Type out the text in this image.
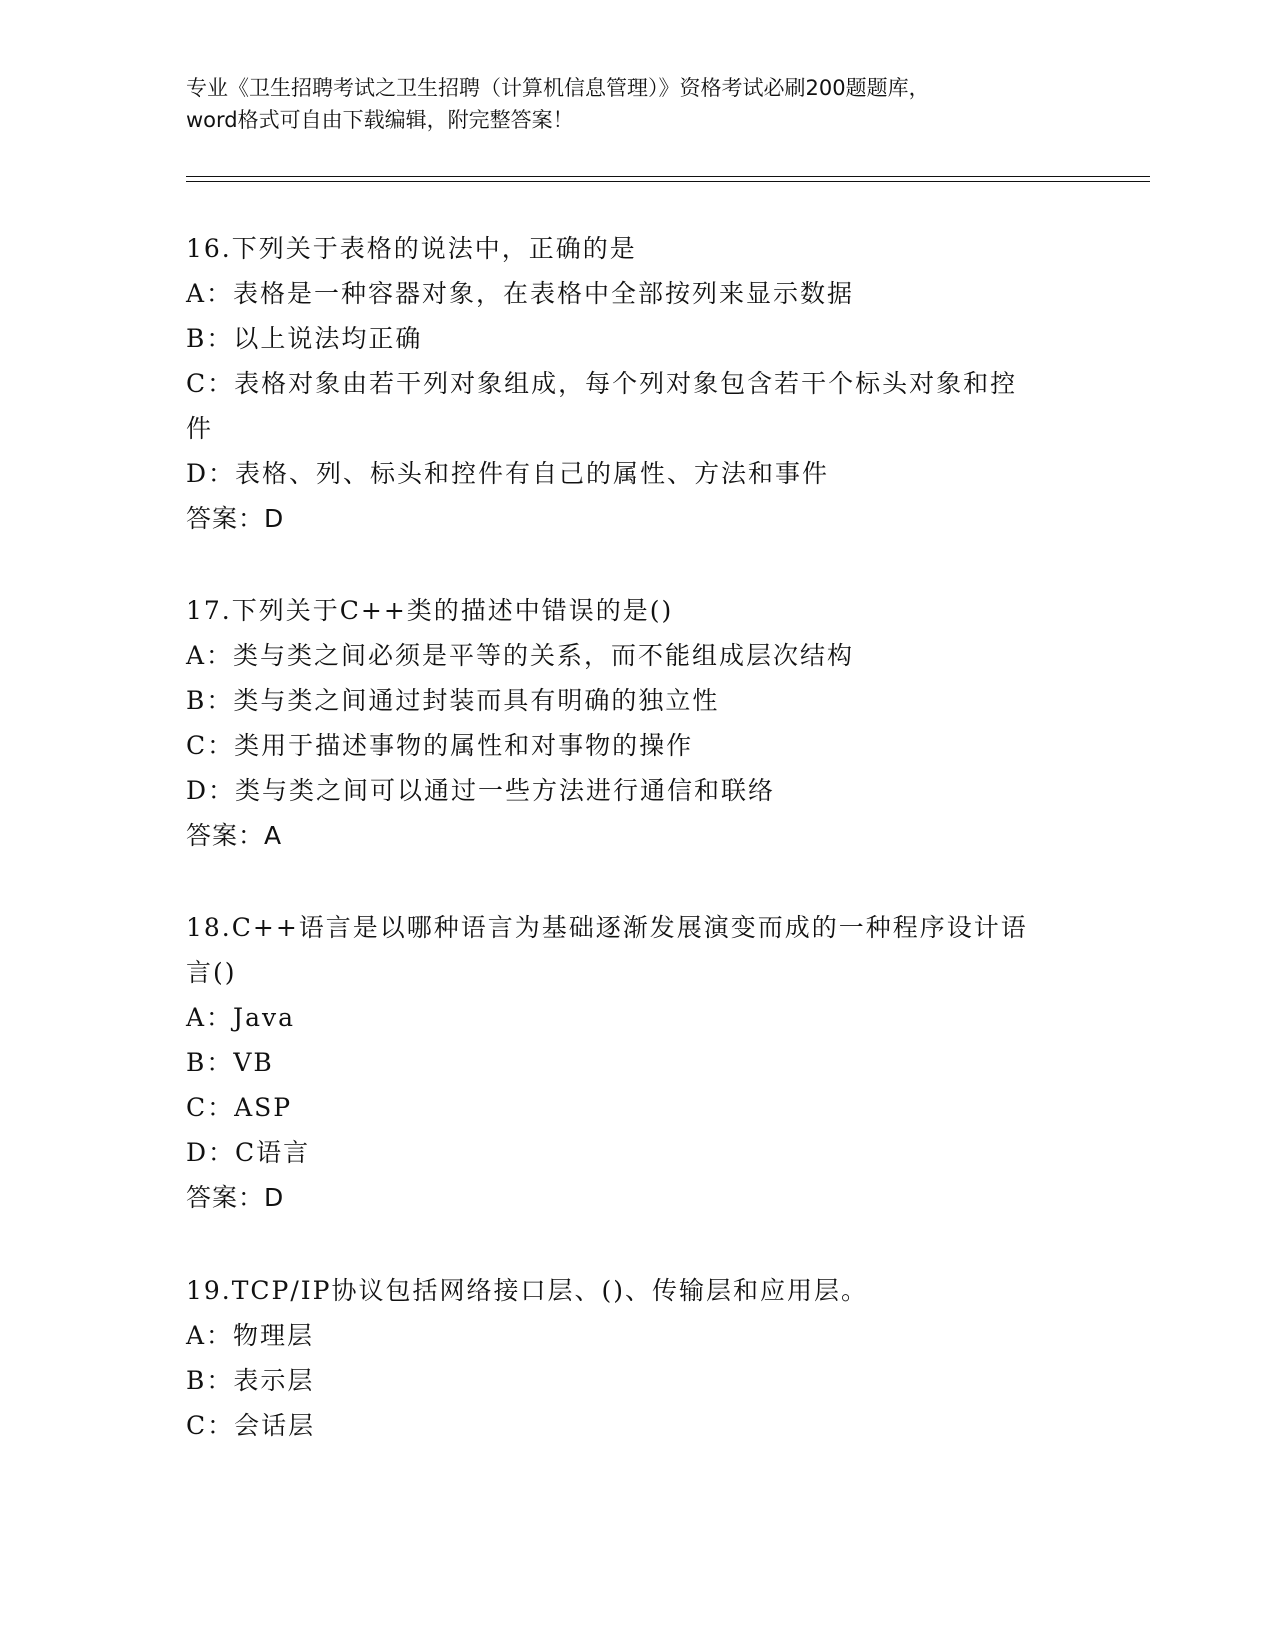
专业《卫生招聘考试之卫生招聘（计算机信息管理）》资格考试必刷200题题库，
word格式可自由下载编辑，附完整答案！
16.下列关于表格的说法中，正确的是
A：表格是一种容器对象，在表格中全部按列来显示数据
B：以上说法均正确
C：表格对象由若干列对象组成，每个列对象包含若干个标头对象和控
件
D：表格、列、标头和控件有自己的属性、方法和事件
答案：D
17.下列关于C++类的描述中错误的是()
A：类与类之间必须是平等的关系，而不能组成层次结构
B：类与类之间通过封装而具有明确的独立性
C：类用于描述事物的属性和对事物的操作
D：类与类之间可以通过一些方法进行通信和联络
答案：A
18.C++语言是以哪种语言为基础逐渐发展演变而成的一种程序设计语
言()
A：Java
B：VB
C：ASP
D：C语言
答案：D
19.TCP/IP协议包括网络接口层、()、传输层和应用层。
A：物理层
B：表示层
C：会话层
